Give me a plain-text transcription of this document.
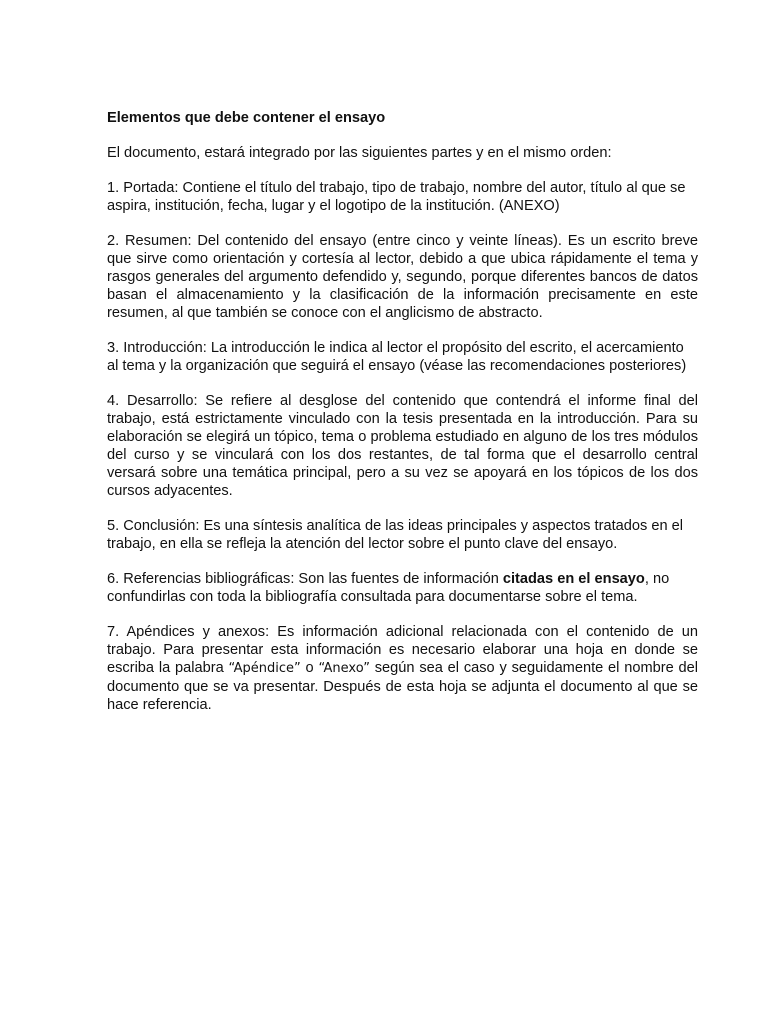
Elementos que debe contener el ensayo

El documento, estará integrado por las siguientes partes y en el mismo orden:

1. Portada: Contiene el título del trabajo, tipo de trabajo, nombre del autor, título al que se aspira, institución, fecha, lugar y el logotipo de la institución. (ANEXO)

2. Resumen: Del contenido del ensayo (entre cinco y veinte líneas). Es un escrito breve que sirve como orientación y cortesía al lector, debido a que ubica rápidamente el tema y rasgos generales del argumento defendido y, segundo, porque diferentes bancos de datos basan el almacenamiento y la clasificación de la información precisamente en este resumen, al que también se conoce con el anglicismo de abstracto.

3. Introducción: La introducción le indica al lector el propósito del escrito, el acercamiento al tema y la organización que seguirá el ensayo (véase las recomendaciones posteriores)

4. Desarrollo: Se refiere al desglose del contenido que contendrá el informe final del trabajo, está estrictamente vinculado con la tesis presentada en la introducción. Para su elaboración se elegirá un tópico, tema o problema estudiado en alguno de los tres módulos del curso y se vinculará con los dos restantes, de tal forma que el desarrollo central versará sobre una temática principal, pero a su vez se apoyará en los tópicos de los dos cursos adyacentes.

5. Conclusión: Es una síntesis analítica de las ideas principales y aspectos tratados en el trabajo, en ella se refleja la atención del lector sobre el punto clave del ensayo.

6. Referencias bibliográficas: Son las fuentes de información citadas en el ensayo, no confundirlas con toda la bibliografía consultada para documentarse sobre el tema.

7. Apéndices y anexos: Es información adicional relacionada con el contenido de un trabajo. Para presentar esta información es necesario elaborar una hoja en donde se escriba la palabra “Apéndice” o “Anexo” según sea el caso y seguidamente el nombre del documento que se va presentar. Después de esta hoja se adjunta el documento al que se hace referencia.
